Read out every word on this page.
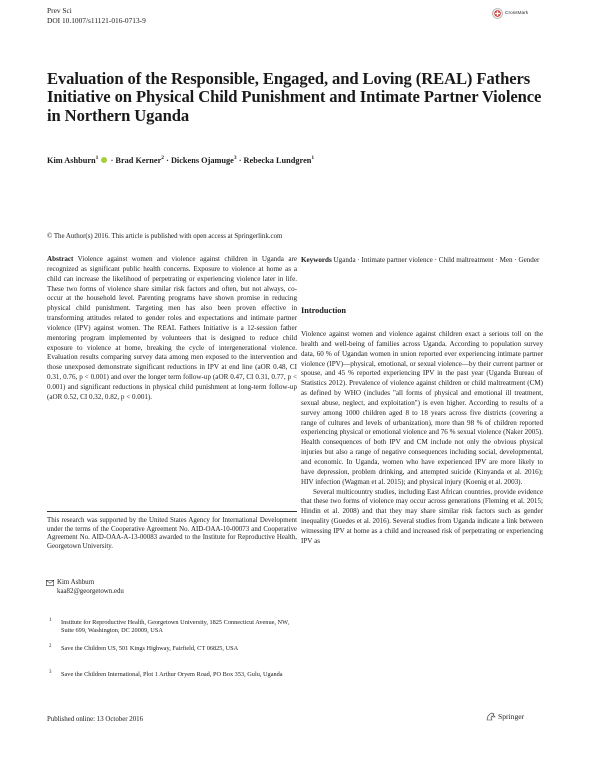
Prev Sci
DOI 10.1007/s11121-016-0713-9
CrossMark
Evaluation of the Responsible, Engaged, and Loving (REAL) Fathers Initiative on Physical Child Punishment and Intimate Partner Violence in Northern Uganda
Kim Ashburn$^1$  · Brad Kerner$^2$ · Dickens Ojamuge$^3$ · Rebecka Lundgren$^1$
© The Author(s) 2016. This article is published with open access at Springerlink.com

Abstract Violence against women and violence against children in Uganda are recognized as significant public health concerns. Exposure to violence at home as a child can increase the likelihood of perpetrating or experiencing violence later in life. These two forms of violence share similar risk factors and often, but not always, co-occur at the household level. Parenting programs have shown promise in reducing physical child punishment. Targeting men has also been proven effective in transforming attitudes related to gender roles and expectations and intimate partner violence (IPV) against women. The REAL Fathers Initiative is a 12-session father mentoring program implemented by volunteers that is designed to reduce child exposure to violence at home, breaking the cycle of intergenerational violence. Evaluation results comparing survey data among men exposed to the intervention and those unexposed demonstrate significant reductions in IPV at end line (aOR 0.48, CI 0.31, 0.76, p < 0.001) and over the longer term follow-up (aOR 0.47, CI 0.31, 0.77, p < 0.001) and significant reductions in physical child punishment at long-term follow-up (aOR 0.52, CI 0.32, 0.82, p < 0.001).

This research was supported by the United States Agency for International Development under the terms of the Cooperative Agreement No. AID-OAA-10-00073 and Cooperative Agreement No. AID-OAA-A-13-00083 awarded to the Institute for Reproductive Health, Georgetown University.
Kim Ashburn
kaa82@georgetown.edu
1 Institute for Reproductive Health, Georgetown University, 1825 Connecticut Avenue, NW, Suite 699, Washington, DC 20009, USA
2 Save the Children US, 501 Kings Highway, Fairfield, CT 06825, USA
3 Save the Children International, Plot 1 Arthur Oryem Road, PO Box 353, Gulu, Uganda
Published online: 13 October 2016	Springer
Keywords Uganda · Intimate partner violence · Child maltreatment · Men · Gender
Introduction

Violence against women and violence against children exact a serious toll on the health and well-being of families across Uganda. According to population survey data, 60 % of Ugandan women in union reported ever experiencing intimate partner violence (IPV)—physical, emotional, or sexual violence—by their current partner or spouse, and 45 % reported experiencing IPV in the past year (Uganda Bureau of Statistics 2012). Prevalence of violence against children or child maltreatment (CM) as defined by WHO (includes "all forms of physical and emotional ill treatment, sexual abuse, neglect, and exploitation") is even higher. According to results of a survey among 1000 children aged 8 to 18 years across five districts (covering a range of cultures and levels of urbanization), more than 98 % of children reported experiencing physical or emotional violence and 76 % sexual violence (Naker 2005). Health consequences of both IPV and CM include not only the obvious physical injuries but also a range of negative consequences including social, developmental, and economic. In Uganda, women who have experienced IPV are more likely to have depression, problem drinking, and attempted suicide (Kinyanda et al. 2016); HIV infection (Wagman et al. 2015); and physical injury (Koenig et al. 2003).

Several multicountry studies, including East African countries, provide evidence that these two forms of violence may occur across generations (Fleming et al. 2015; Hindin et al. 2008) and that they may share similar risk factors such as gender inequality (Guedes et al. 2016). Several studies from Uganda indicate a link between witnessing IPV at home as a child and increased risk of perpetrating or experiencing IPV as
